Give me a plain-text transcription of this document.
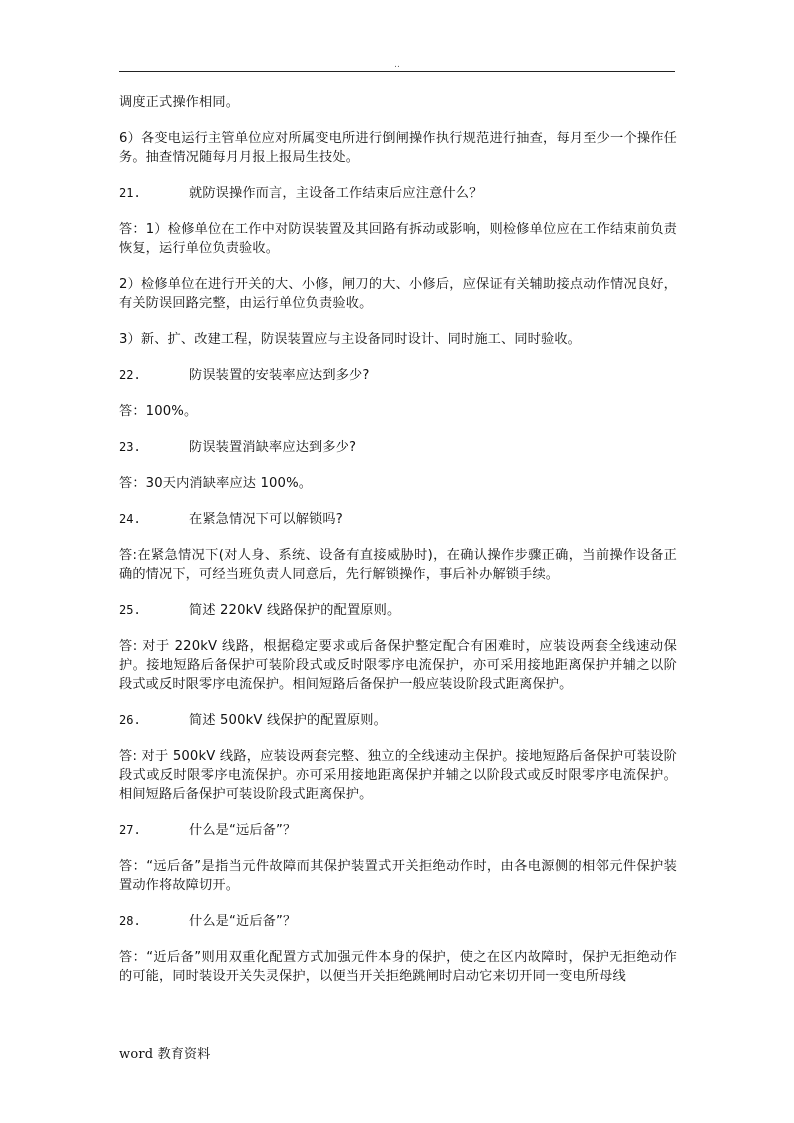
..

调度正式操作相同。

6）各变电运行主管单位应对所属变电所进行倒闸操作执行规范进行抽查，每月至少一个操作任务。抽查情况随每月月报上报局生技处。

21.	就防误操作而言，主设备工作结束后应注意什么？

答：1）检修单位在工作中对防误装置及其回路有拆动或影响，则检修单位应在工作结束前负责恢复，运行单位负责验收。

2）检修单位在进行开关的大、小修，闸刀的大、小修后，应保证有关辅助接点动作情况良好，有关防误回路完整，由运行单位负责验收。

3）新、扩、改建工程，防误装置应与主设备同时设计、同时施工、同时验收。

22.	防误装置的安装率应达到多少?

答：100%。

23.	防误装置消缺率应达到多少?

答：30天内消缺率应达 100%。

24.	在紧急情况下可以解锁吗?

答:在紧急情况下(对人身、系统、设备有直接威胁时)，在确认操作步骤正确，当前操作设备正确的情况下，可经当班负责人同意后，先行解锁操作，事后补办解锁手续。

25.	简述 220kV 线路保护的配置原则。

答: 对于 220kV 线路，根据稳定要求或后备保护整定配合有困难时，应装设两套全线速动保护。接地短路后备保护可装阶段式或反时限零序电流保护，亦可采用接地距离保护并辅之以阶段式或反时限零序电流保护。相间短路后备保护一般应装设阶段式距离保护。

26.	简述 500kV 线保护的配置原则。

答: 对于 500kV 线路，应装设两套完整、独立的全线速动主保护。接地短路后备保护可装设阶段式或反时限零序电流保护。亦可采用接地距离保护并辅之以阶段式或反时限零序电流保护。相间短路后备保护可装设阶段式距离保护。

27.	什么是“远后备”？

答：“远后备”是指当元件故障而其保护装置式开关拒绝动作时，由各电源侧的相邻元件保护装置动作将故障切开。

28.	什么是“近后备”？

答：“近后备”则用双重化配置方式加强元件本身的保护，使之在区内故障时，保护无拒绝动作的可能，同时装设开关失灵保护，以便当开关拒绝跳闸时启动它来切开同一变电所母线

word 教育资料
